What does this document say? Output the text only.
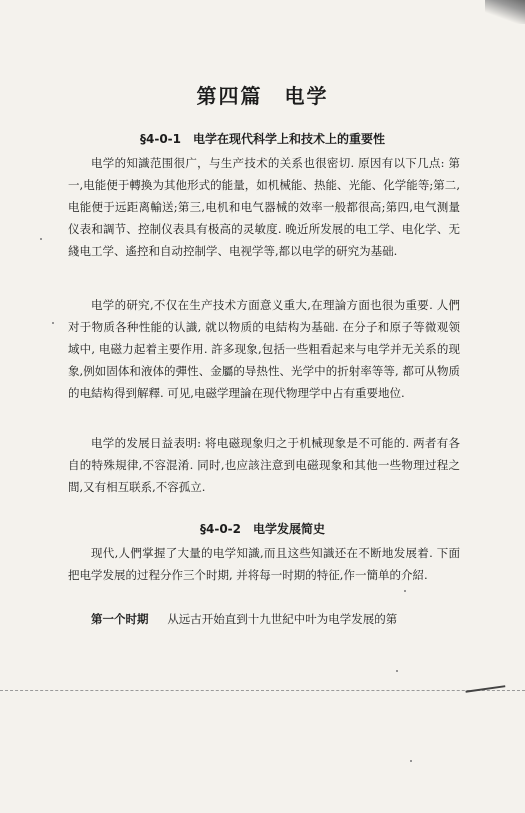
第四篇　电学
§4-0-1　电学在现代科学上和技术上的重要性
电学的知識范围很广，与生产技术的关系也很密切. 原因有以下几点: 第一,电能便于轉換为其他形式的能量，如机械能、热能、光能、化学能等;第二,电能便于远距离輸送;第三,电机和电气器械的效率一般都很高;第四,电气测量仪表和調节、控制仪表具有极高的灵敏度. 晚近所发展的电工学、电化学、无綫电工学、遙控和自动控制学、电视学等,都以电学的研究为基础.
电学的研究,不仅在生产技术方面意义重大,在理論方面也很为重要. 人們对于物质各种性能的认識, 就以物质的电結构为基础. 在分子和原子等微观领域中, 电磁力起着主要作用. 許多现象,包括一些粗看起来与电学并无关系的现象,例如固体和液体的彈性、金屬的导热性、光学中的折射率等等, 都可从物质的电結构得到解釋. 可见,电磁学理論在现代物理学中占有重要地位.
电学的发展日益表明: 将电磁现象归之于机械现象是不可能的. 两者有各自的特殊規律,不容混淆. 同时,也应該注意到电磁现象和其他一些物理过程之間,又有相互联系,不容孤立.
§4-0-2　电学发展简史
现代,人們掌握了大量的电学知識,而且这些知識还在不断地发展着. 下面把电学发展的过程分作三个时期, 并将每一时期的特征,作一簡单的介紹.
第一个时期 从远古开始直到十九世紀中叶为电学发展的第
